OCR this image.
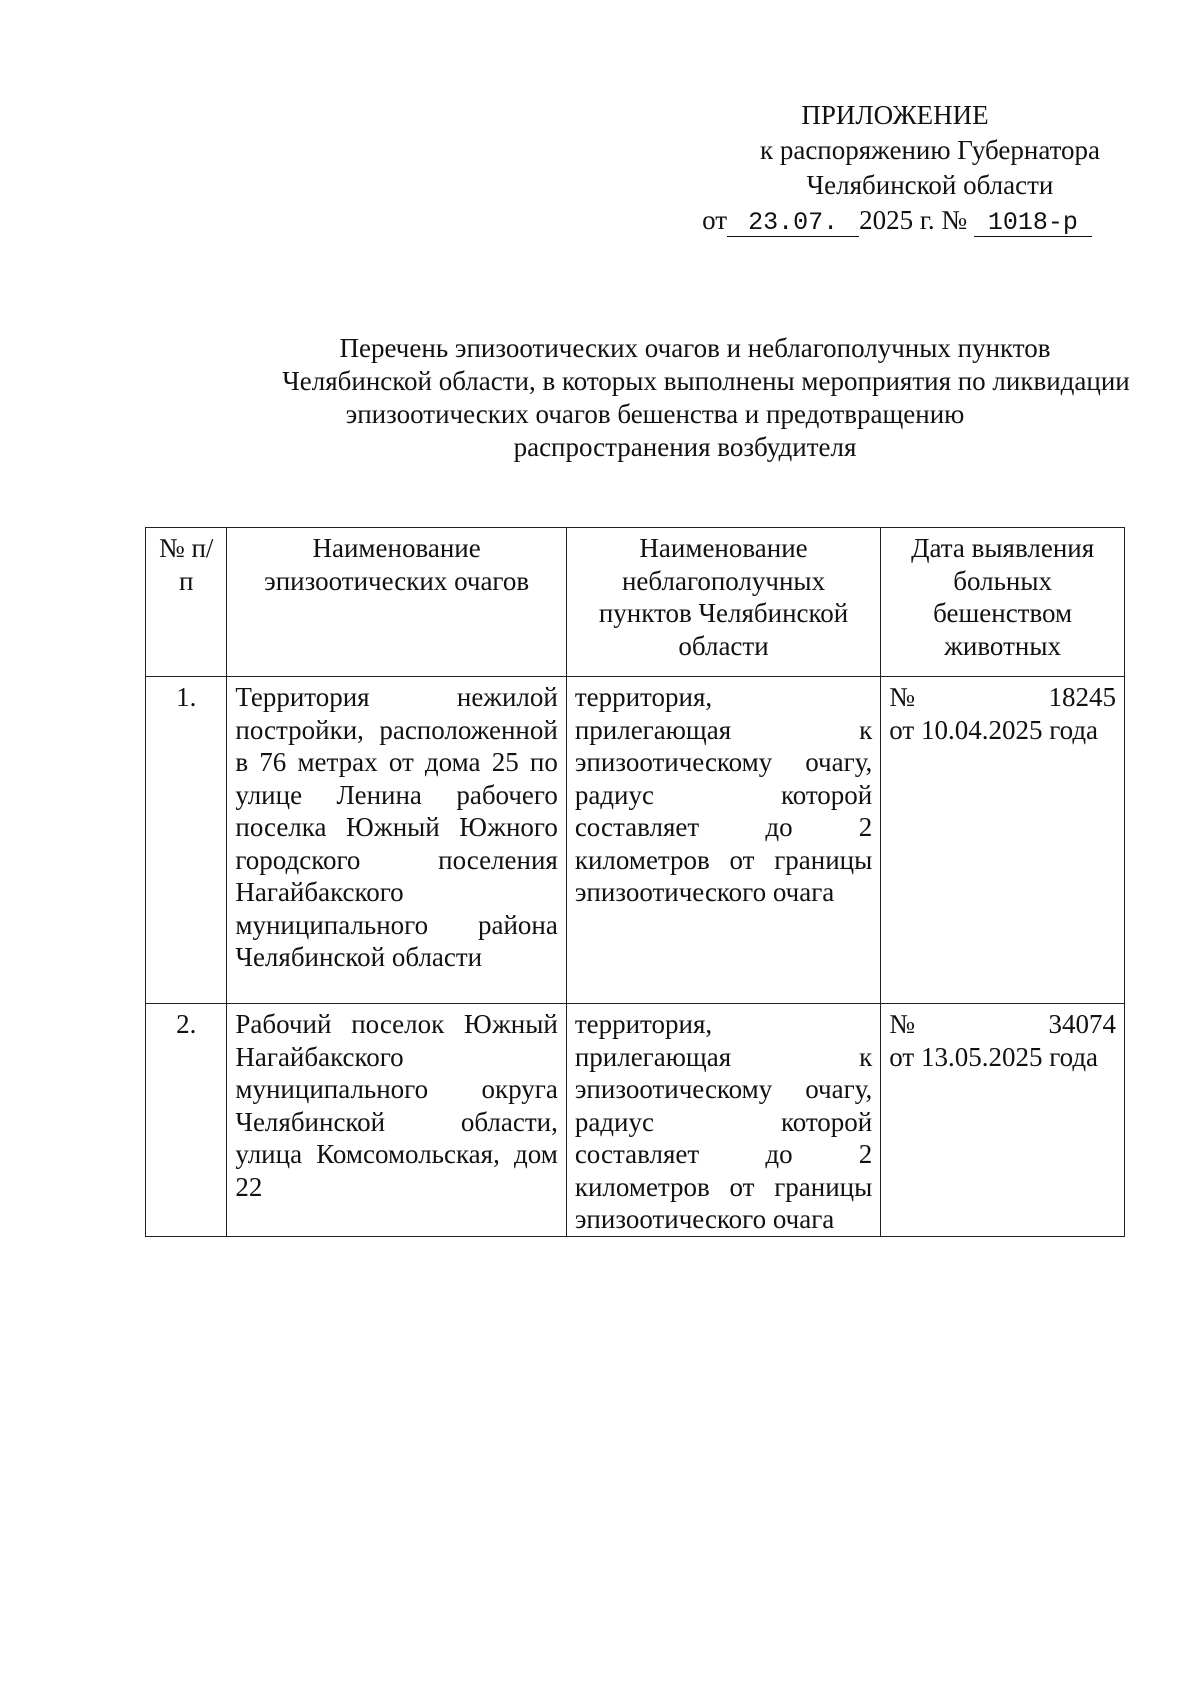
ПРИЛОЖЕНИЕ
к распоряжению Губернатора
Челябинской области
от 23.07. 2025 г. № 1018-р
Перечень эпизоотических очагов и неблагополучных пунктов
Челябинской области, в которых выполнены мероприятия по ликвидации
эпизоотических очагов бешенства и предотвращению
распространения возбудителя
№ п/п	Наименование эпизоотических очагов	Наименование неблагополучных пунктов Челябинской области	Дата выявления больных бешенством животных
1.	Территория нежилой постройки, расположенной в 76 метрах от дома 25 по улице Ленина рабочего поселка Южный Южного городского поселения Нагайбакского муниципального района Челябинской области	территория, прилегающая к эпизоотическому очагу, радиус которой составляет до 2 километров от границы эпизоотического очага	№ 18245
от 10.04.2025 года

2.	Рабочий поселок Южный Нагайбакского муниципального округа Челябинской области, улица Комсомольская, дом 22	территория, прилегающая к эпизоотическому очагу, радиус которой составляет до 2 километров от границы эпизоотического очага	№ 34074
от 13.05.2025 года
